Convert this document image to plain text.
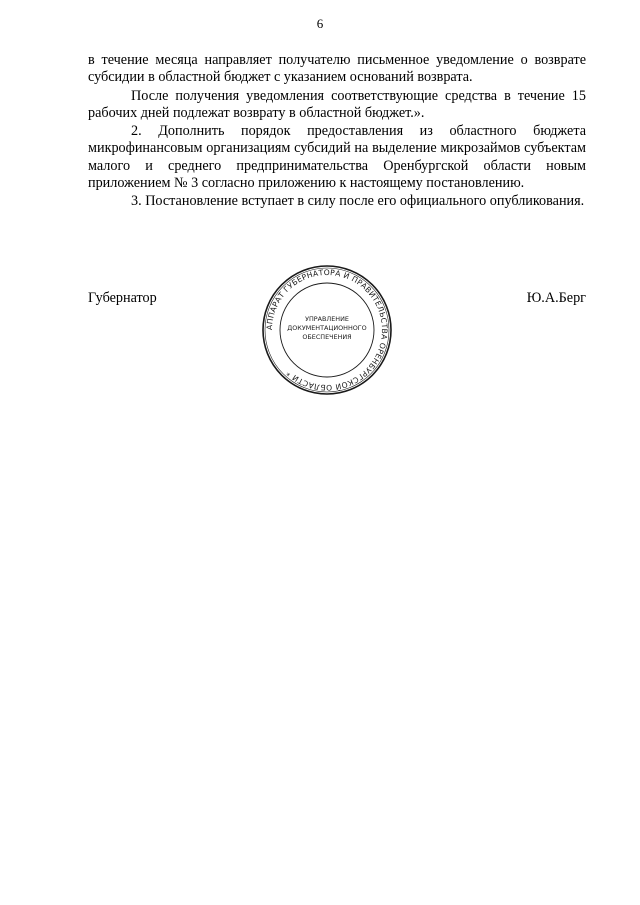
6

в течение месяца направляет получателю письменное уведомление о возврате субсидии в областной бюджет с указанием оснований возврата.

После получения уведомления соответствующие средства в течение 15 рабочих дней подлежат возврату в областной бюджет.».

2. Дополнить порядок предоставления из областного бюджета микрофинансовым организациям субсидий на выделение микрозаймов субъектам малого и среднего предпринимательства Оренбургской области новым приложением № 3 согласно приложению к настоящему постановлению.

3. Постановление вступает в силу после его официального опубликования.

Губернатор	Ю.А.Берг
АППАРАТ ГУБЕРНАТОРА И ПРАВИТЕЛЬСТВА ОРЕНБУРГСКОЙ ОБЛАСТИ *
УПРАВЛЕНИЕ
ДОКУМЕНТАЦИОННОГО
ОБЕСПЕЧЕНИЯ
